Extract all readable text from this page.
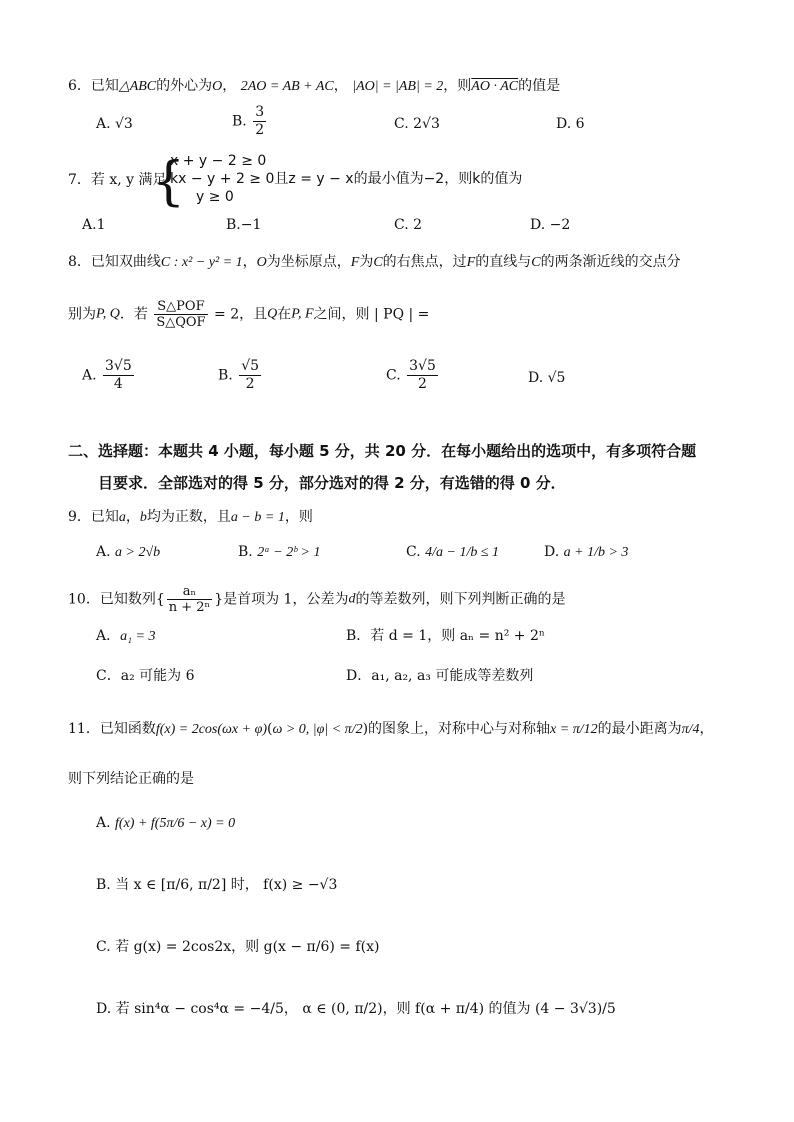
6．已知△ABC的外心为O， 2AO = AB + AC， |AO| = |AB| = 2，则AO · AC的值是
A. √3	B. $\frac{3}{2}$	C. 2√3	D. 6
7．若 x, y 满足
{
x + y − 2 ≥ 0
kx − y + 2 ≥ 0且z = y − x的最小值为−2，则k的值为
y ≥ 0
A.1	B.−1	C. 2	D. −2
8．已知双曲线C : x² − y² = 1，O为坐标原点，F为C的右焦点，过F的直线与C的两条渐近线的交点分
别为P, Q．若 $\frac{\text{S△POF}}{\text{S△QOF}} = 2$，且Q在P, F之间，则 | PQ | =
A. $\frac{3√5}{4}$	B. $\frac{√5}{2}$	C. $\frac{3√5}{2}$	D. √5
二、选择题：本题共 4 小题，每小题 5 分，共 20 分．在每小题给出的选项中，有多项符合题
目要求．全部选对的得 5 分，部分选对的得 2 分，有选错的得 0 分．
9．已知a，b均为正数，且a − b = 1，则
A. a > 2√b	B. 2ᵃ − 2ᵇ > 1	C. 4/a − 1/b ≤ 1	D. a + 1/b > 3
10．已知数列{ $\frac{\text{aₙ}}{\text{n + 2ⁿ}}$ }是首项为 1，公差为d的等差数列，则下列判断正确的是
A．a₁ = 3	B．若 d = 1，则 aₙ = n² + 2ⁿ
C．a₂ 可能为 6	D．a₁, a₂, a₃ 可能成等差数列
11．已知函数f(x) = 2cos(ωx + φ)(ω > 0, |φ| < π/2)的图象上，对称中心与对称轴x = π/12的最小距离为π/4，
则下列结论正确的是
A. f(x) + f(5π/6 − x) = 0
B. 当 x ∈ [π/6, π/2] 时， f(x) ≥ −√3
C. 若 g(x) = 2cos2x，则 g(x − π/6) = f(x)
D. 若 sin⁴α − cos⁴α = −4/5， α ∈ (0, π/2)，则 f(α + π/4) 的值为 (4 − 3√3)/5
